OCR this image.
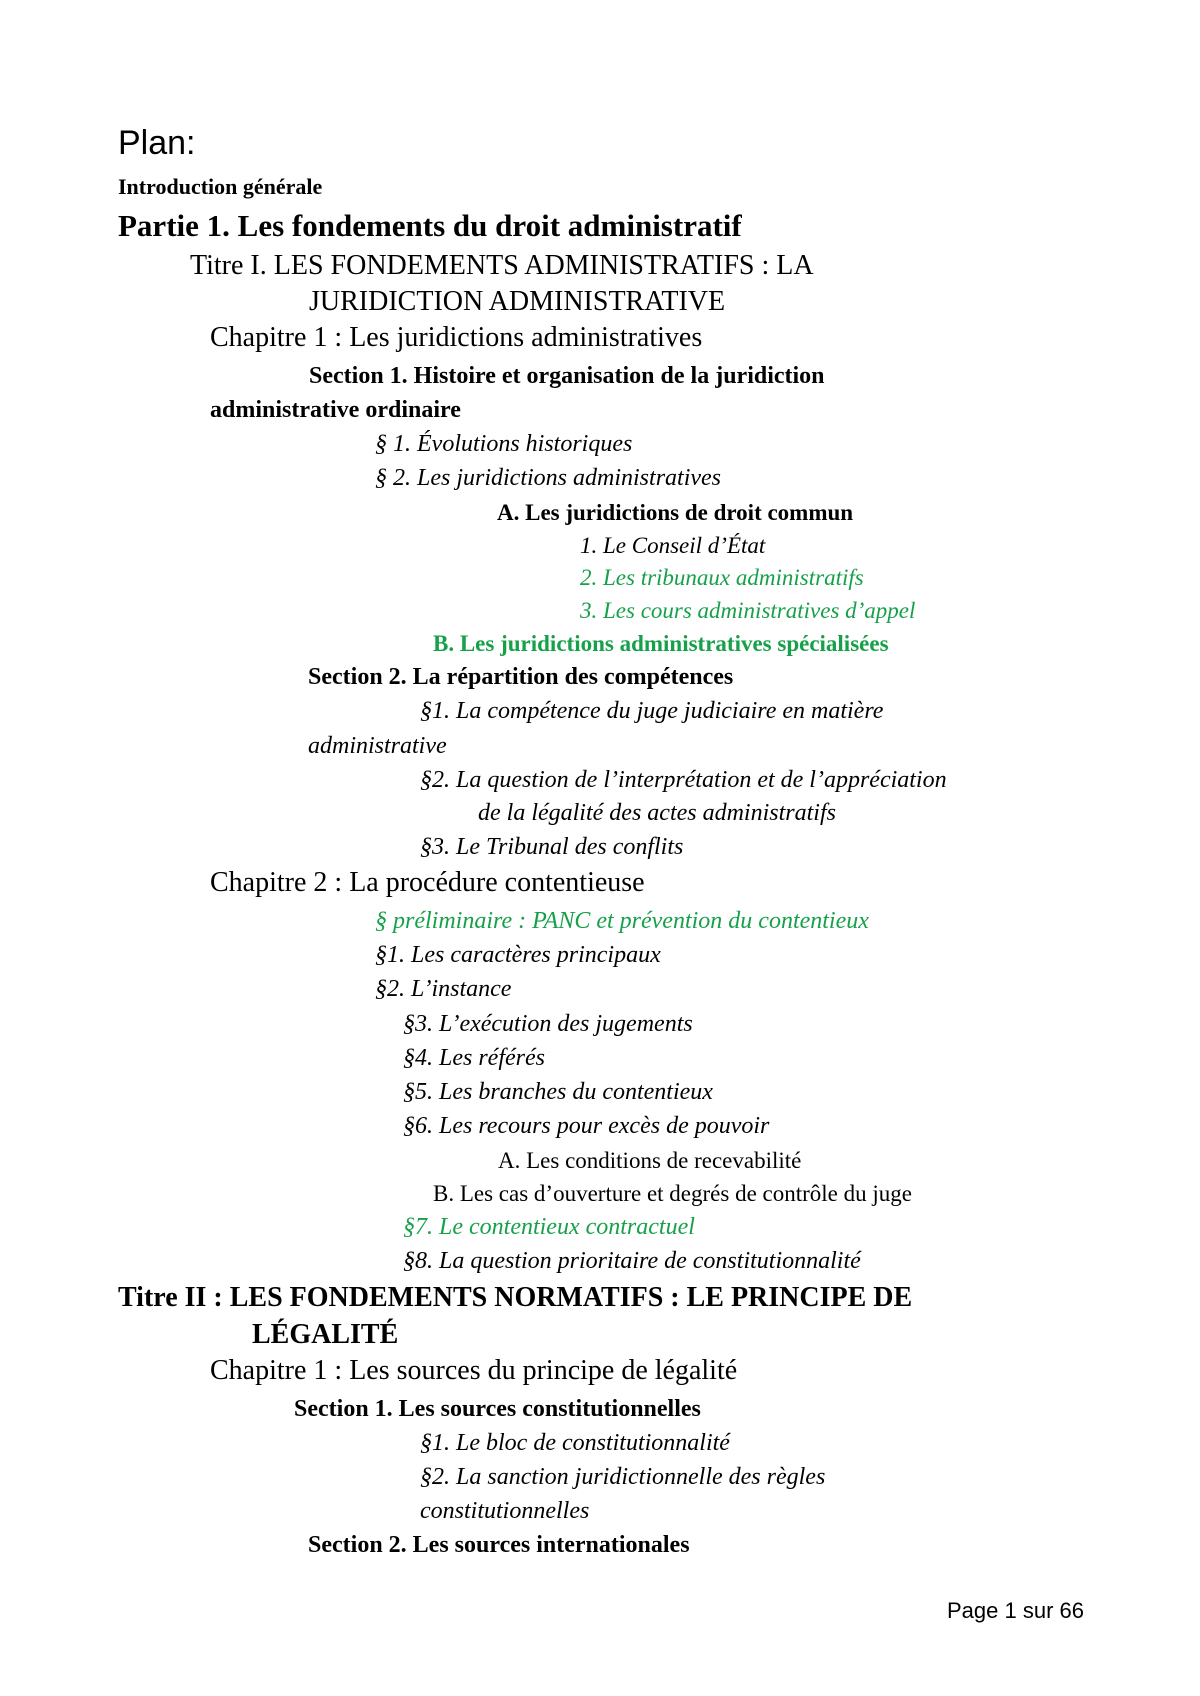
Plan:

Introduction générale

Partie 1. Les fondements du droit administratif

Titre I. LES FONDEMENTS ADMINISTRATIFS : LA

JURIDICTION ADMINISTRATIVE

Chapitre 1 : Les juridictions administratives

Section 1. Histoire et organisation de la juridiction

administrative ordinaire

§ 1. Évolutions historiques

§ 2. Les juridictions administratives

A. Les juridictions de droit commun

1. Le Conseil d’État

2. Les tribunaux administratifs

3. Les cours administratives d’appel

B. Les juridictions administratives spécialisées

Section 2. La répartition des compétences

§1. La compétence du juge judiciaire en matière

administrative

§2. La question de l’interprétation et de l’appréciation

de la légalité des actes administratifs

§3. Le Tribunal des conflits

Chapitre 2 : La procédure contentieuse

§ préliminaire : PANC et prévention du contentieux

§1. Les caractères principaux

§2. L’instance

§3. L’exécution des jugements

§4. Les référés

§5. Les branches du contentieux

§6. Les recours pour excès de pouvoir

A. Les conditions de recevabilité

B. Les cas d’ouverture et degrés de contrôle du juge

§7. Le contentieux contractuel

§8. La question prioritaire de constitutionnalité

Titre II : LES FONDEMENTS NORMATIFS : LE PRINCIPE DE

LÉGALITÉ

Chapitre 1 : Les sources du principe de légalité

Section 1. Les sources constitutionnelles

§1. Le bloc de constitutionnalité

§2. La sanction juridictionnelle des règles

constitutionnelles

Section 2. Les sources internationales

Page 1 sur 66
